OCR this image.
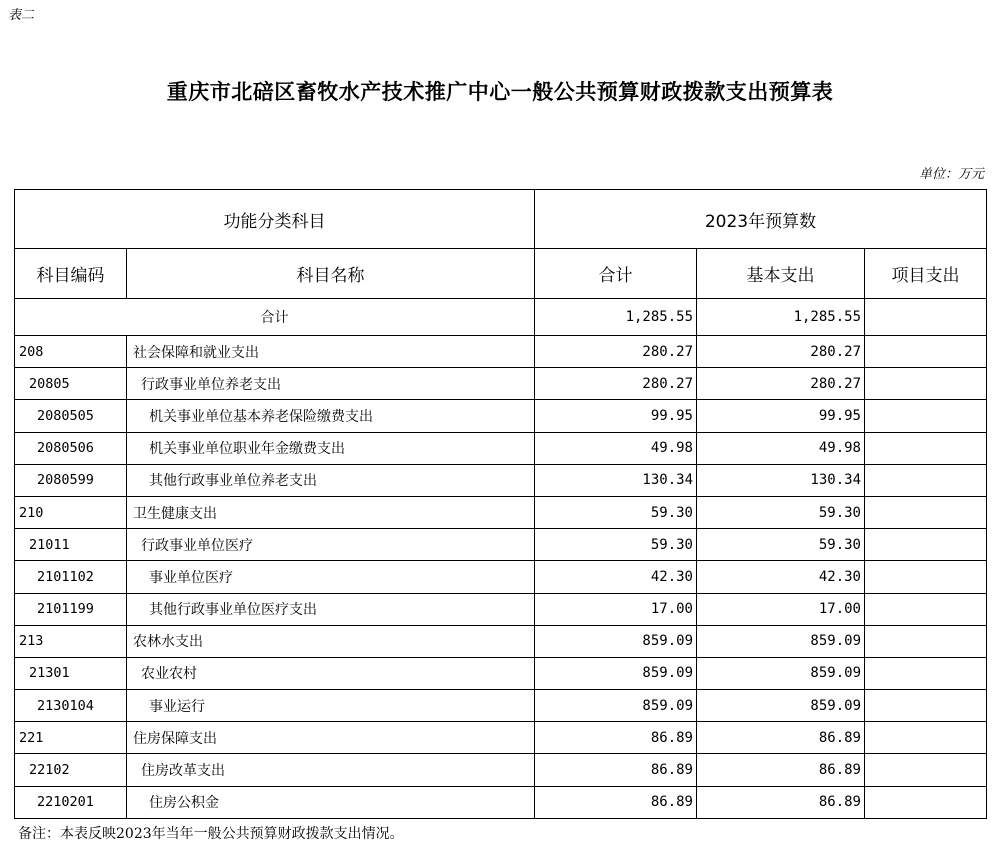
表二
重庆市北碚区畜牧水产技术推广中心一般公共预算财政拨款支出预算表
单位：万元
功能分类科目		2023年预算数		
科目编码	科目名称	合计	基本支出	项目支出
合计		1,285.55	1,285.55	
208	社会保障和就业支出	280.27	280.27	
20805	行政事业单位养老支出	280.27	280.27	
2080505	机关事业单位基本养老保险缴费支出	99.95	99.95	
2080506	机关事业单位职业年金缴费支出	49.98	49.98	
2080599	其他行政事业单位养老支出	130.34	130.34	
210	卫生健康支出	59.30	59.30	
21011	行政事业单位医疗	59.30	59.30	
2101102	事业单位医疗	42.30	42.30	
2101199	其他行政事业单位医疗支出	17.00	17.00	
213	农林水支出	859.09	859.09	
21301	农业农村	859.09	859.09	
2130104	事业运行	859.09	859.09	
221	住房保障支出	86.89	86.89	
22102	住房改革支出	86.89	86.89	
2210201	住房公积金	86.89	86.89	
备注：本表反映2023年当年一般公共预算财政拨款支出情况。
